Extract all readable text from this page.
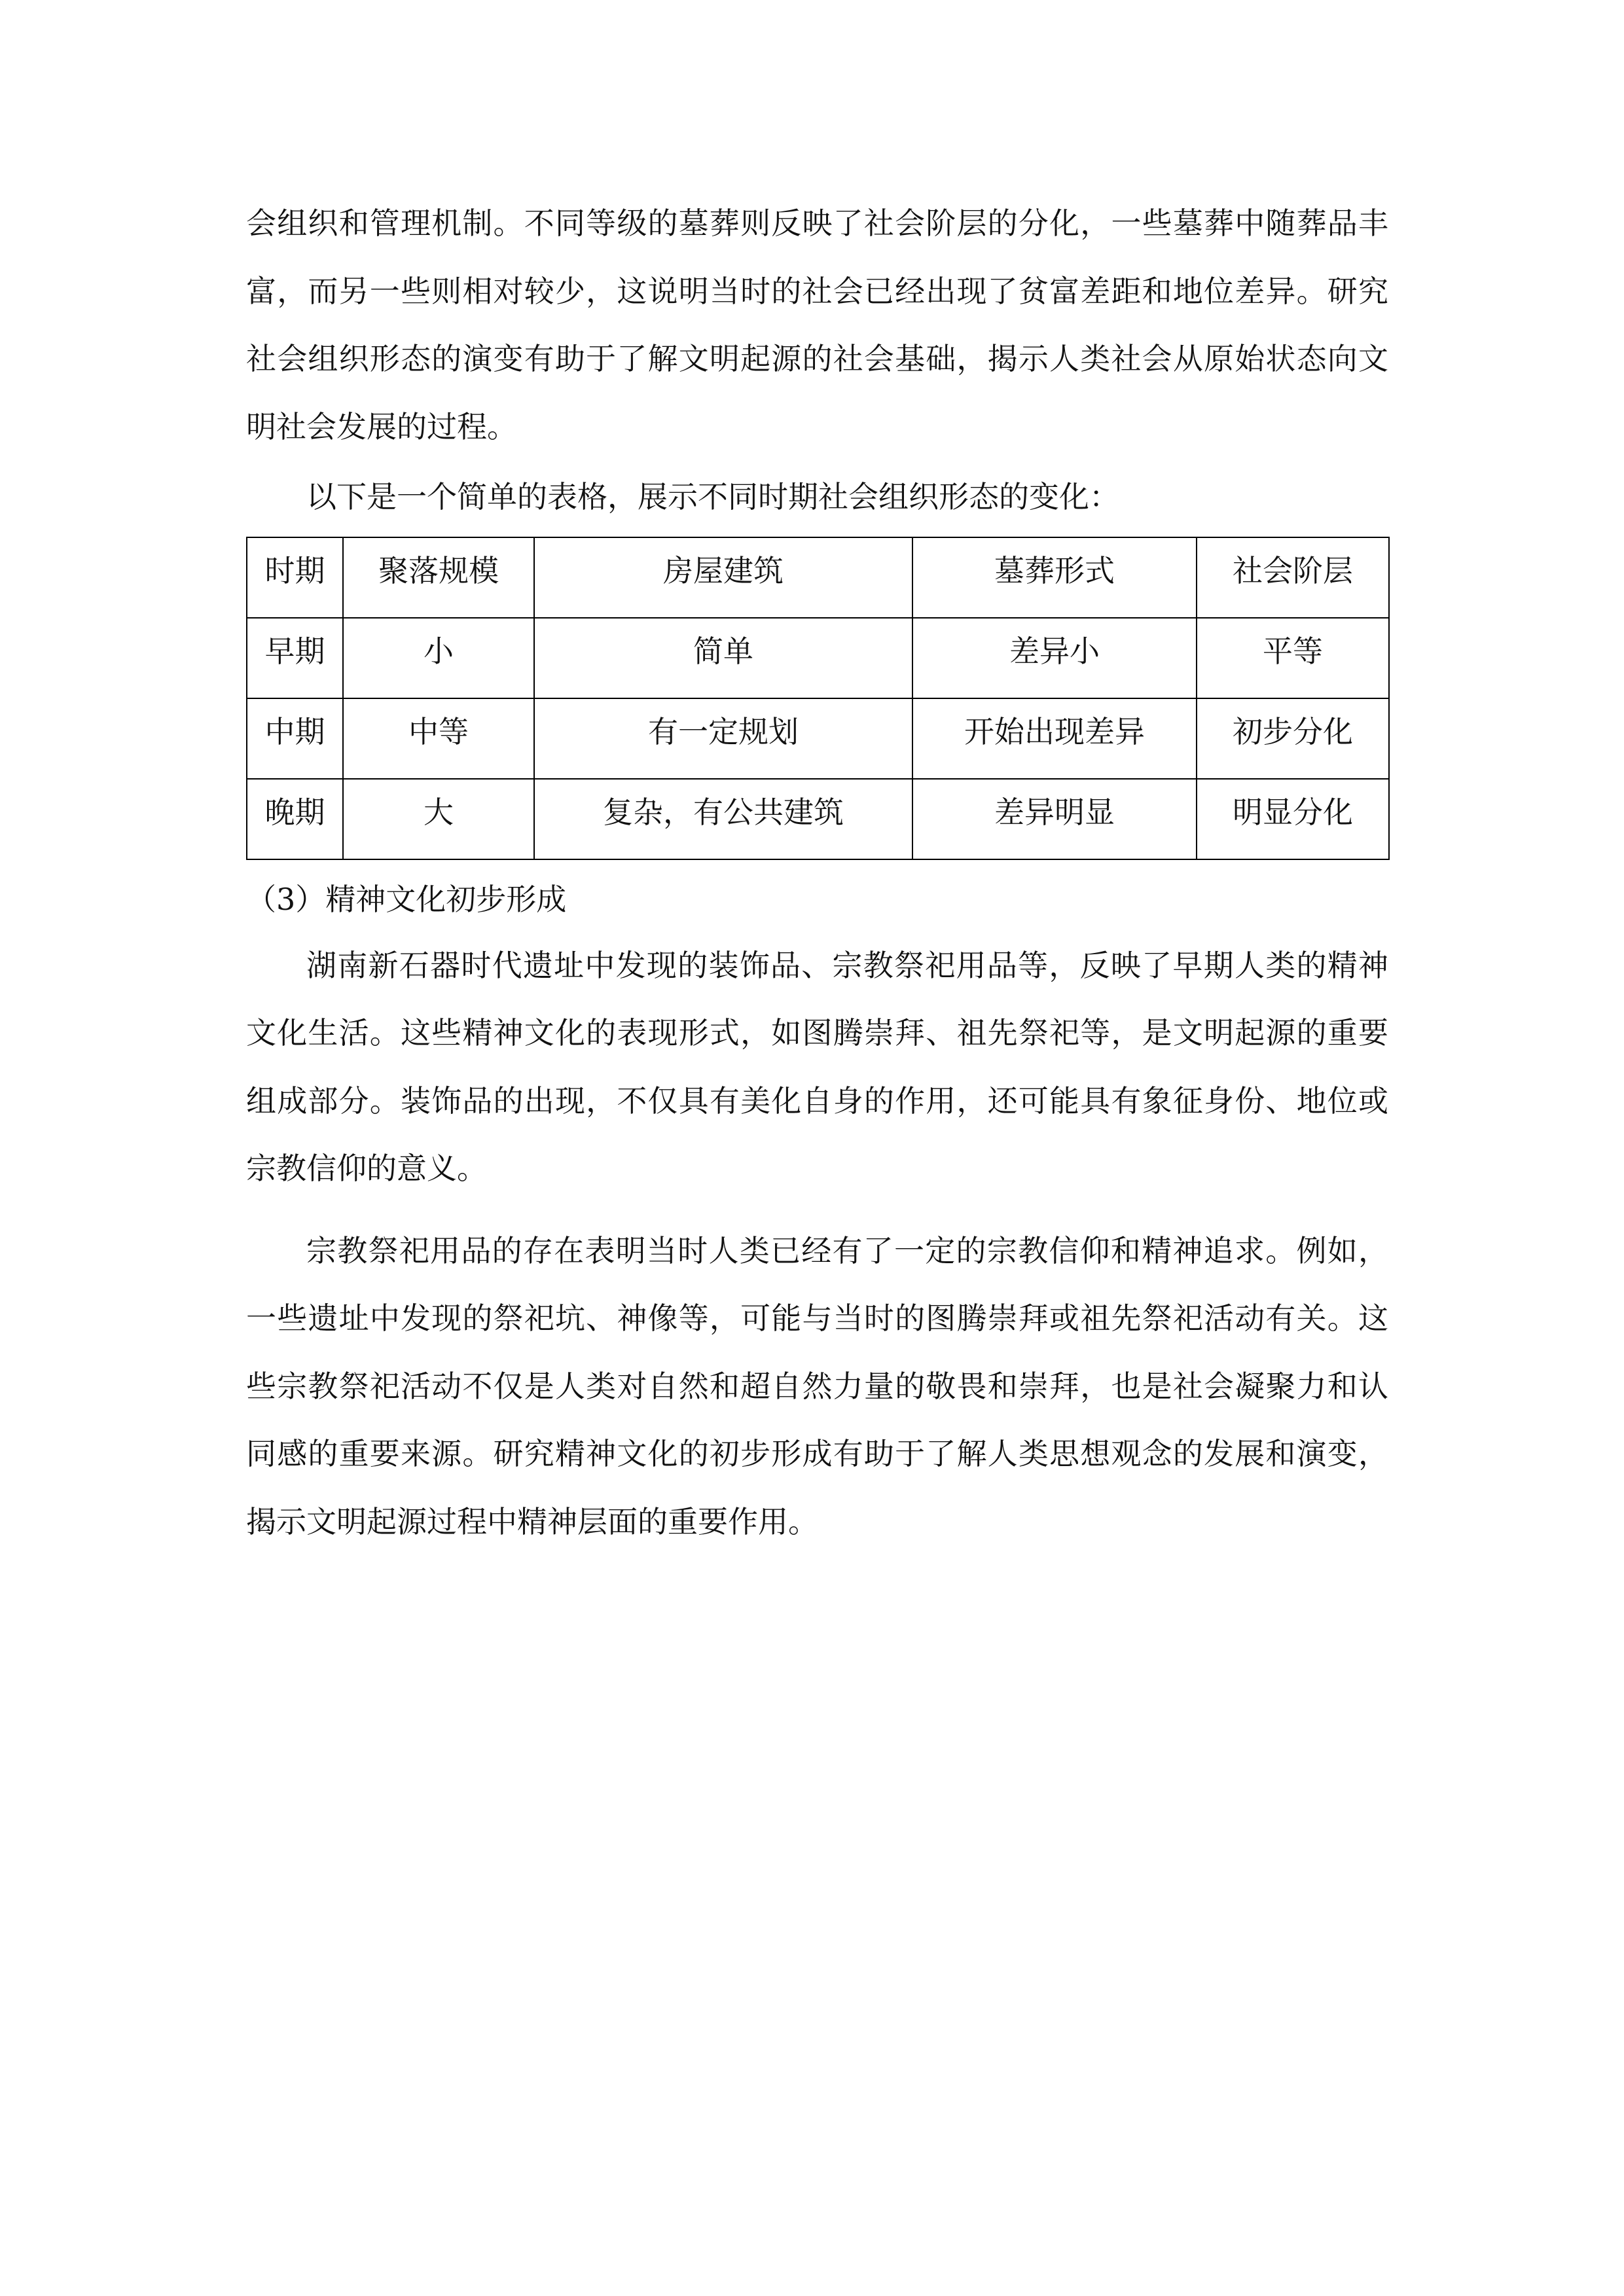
会组织和管理机制。不同等级的墓葬则反映了社会阶层的分化，一些墓葬中随葬品丰富，而另一些则相对较少，这说明当时的社会已经出现了贫富差距和地位差异。研究社会组织形态的演变有助于了解文明起源的社会基础，揭示人类社会从原始状态向文明社会发展的过程。

以下是一个简单的表格，展示不同时期社会组织形态的变化：

时期	聚落规模	房屋建筑	墓葬形式	社会阶层
早期	小	简单	差异小	平等
中期	中等	有一定规划	开始出现差异	初步分化
晚期	大	复杂，有公共建筑	差异明显	明显分化

（3）精神文化初步形成

湖南新石器时代遗址中发现的装饰品、宗教祭祀用品等，反映了早期人类的精神文化生活。这些精神文化的表现形式，如图腾崇拜、祖先祭祀等，是文明起源的重要组成部分。装饰品的出现，不仅具有美化自身的作用，还可能具有象征身份、地位或宗教信仰的意义。

宗教祭祀用品的存在表明当时人类已经有了一定的宗教信仰和精神追求。例如，一些遗址中发现的祭祀坑、神像等，可能与当时的图腾崇拜或祖先祭祀活动有关。这些宗教祭祀活动不仅是人类对自然和超自然力量的敬畏和崇拜，也是社会凝聚力和认同感的重要来源。研究精神文化的初步形成有助于了解人类思想观念的发展和演变，揭示文明起源过程中精神层面的重要作用。
